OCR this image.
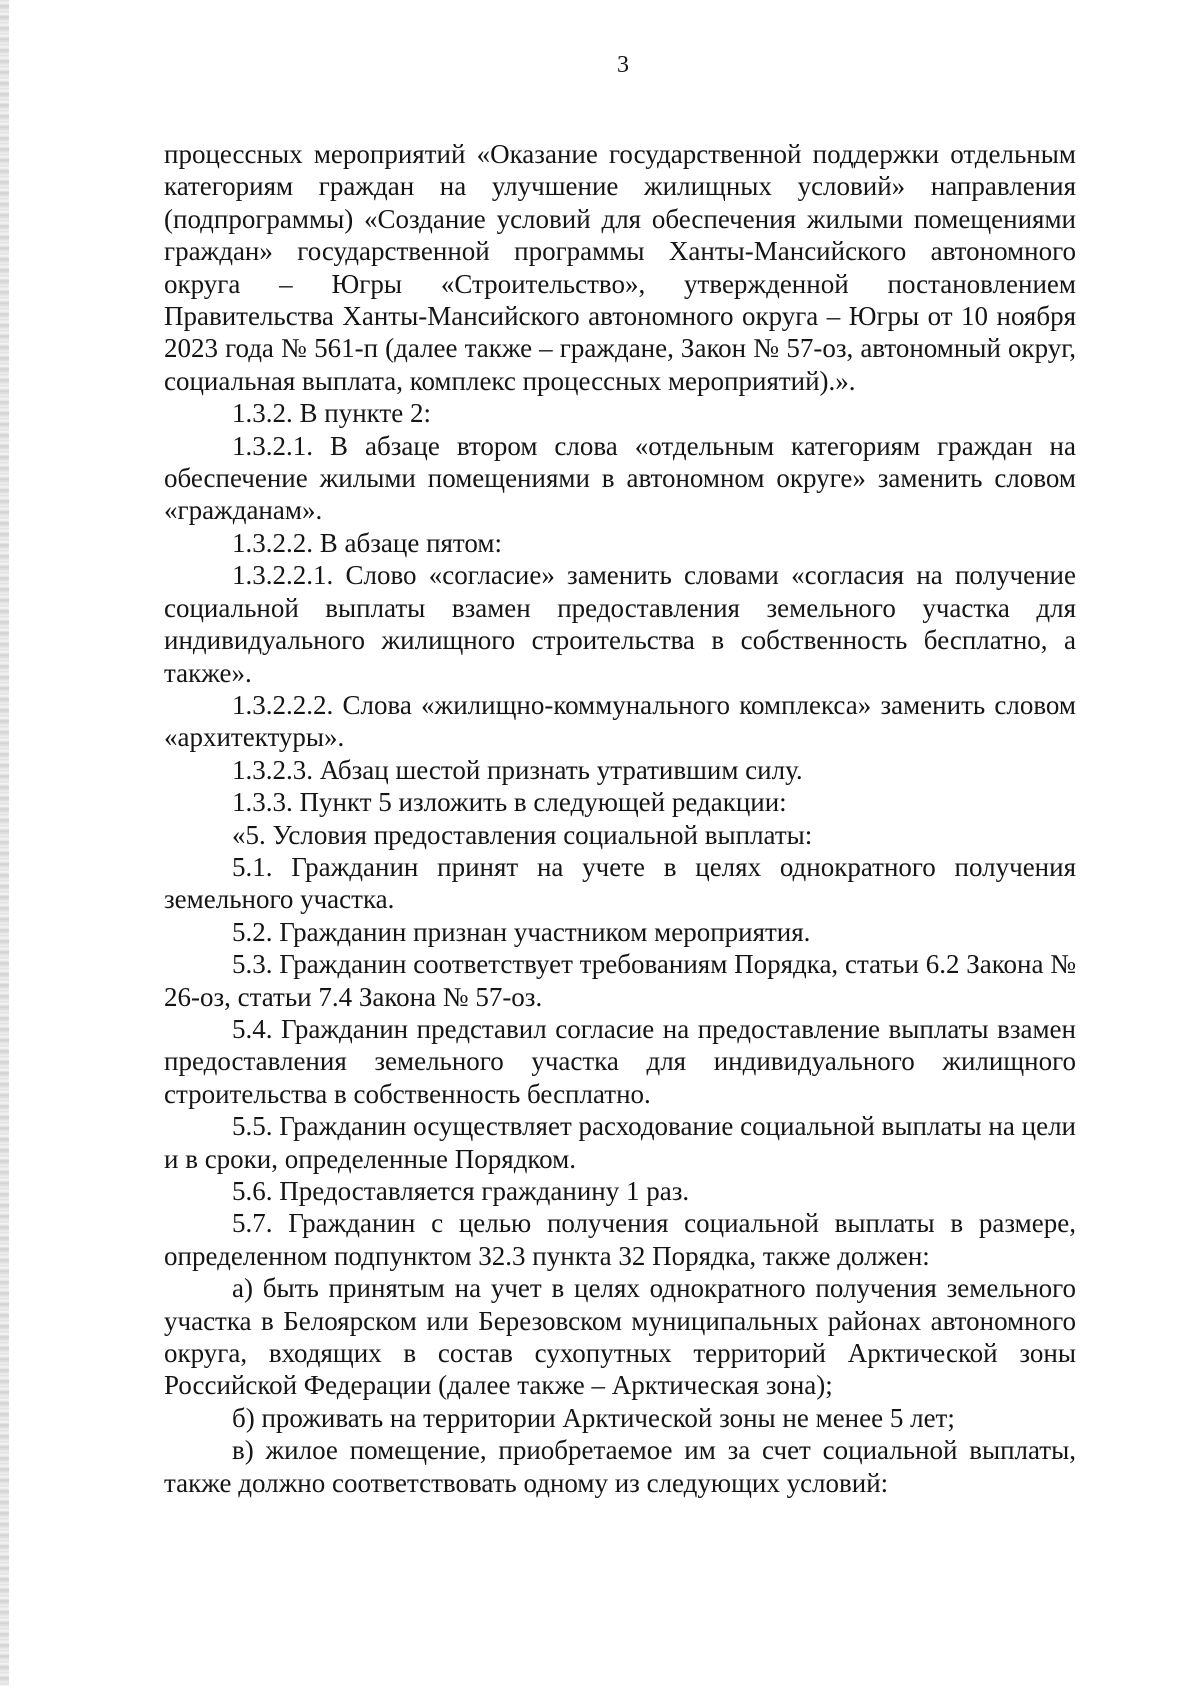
3

процессных мероприятий «Оказание государственной поддержки отдельным категориям граждан на улучшение жилищных условий» направления (подпрограммы) «Создание условий для обеспечения жилыми помещениями граждан» государственной программы Ханты-Мансийского автономного округа – Югры «Строительство», утвержденной постановлением Правительства Ханты-Мансийского автономного округа – Югры от 10 ноября 2023 года № 561-п (далее также – граждане, Закон № 57-оз, автономный округ, социальная выплата, комплекс процессных мероприятий).».

1.3.2. В пункте 2:

1.3.2.1. В абзаце втором слова «отдельным категориям граждан на обеспечение жилыми помещениями в автономном округе» заменить словом «гражданам».

1.3.2.2. В абзаце пятом:

1.3.2.2.1. Слово «согласие» заменить словами «согласия на получение социальной выплаты взамен предоставления земельного участка для индивидуального жилищного строительства в собственность бесплатно, а также».

1.3.2.2.2. Слова «жилищно-коммунального комплекса» заменить словом «архитектуры».

1.3.2.3. Абзац шестой признать утратившим силу.

1.3.3. Пункт 5 изложить в следующей редакции:

«5. Условия предоставления социальной выплаты:

5.1. Гражданин принят на учете в целях однократного получения земельного участка.

5.2. Гражданин признан участником мероприятия.

5.3. Гражданин соответствует требованиям Порядка, статьи 6.2 Закона № 26-оз, статьи 7.4 Закона № 57-оз.

5.4. Гражданин представил согласие на предоставление выплаты взамен предоставления земельного участка для индивидуального жилищного строительства в собственность бесплатно.

5.5. Гражданин осуществляет расходование социальной выплаты на цели и в сроки, определенные Порядком.

5.6. Предоставляется гражданину 1 раз.

5.7. Гражданин с целью получения социальной выплаты в размере, определенном подпунктом 32.3 пункта 32 Порядка, также должен:

а) быть принятым на учет в целях однократного получения земельного участка в Белоярском или Березовском муниципальных районах автономного округа, входящих в состав сухопутных территорий Арктической зоны Российской Федерации (далее также – Арктическая зона);

б) проживать на территории Арктической зоны не менее 5 лет;

в) жилое помещение, приобретаемое им за счет социальной выплаты, также должно соответствовать одному из следующих условий:
